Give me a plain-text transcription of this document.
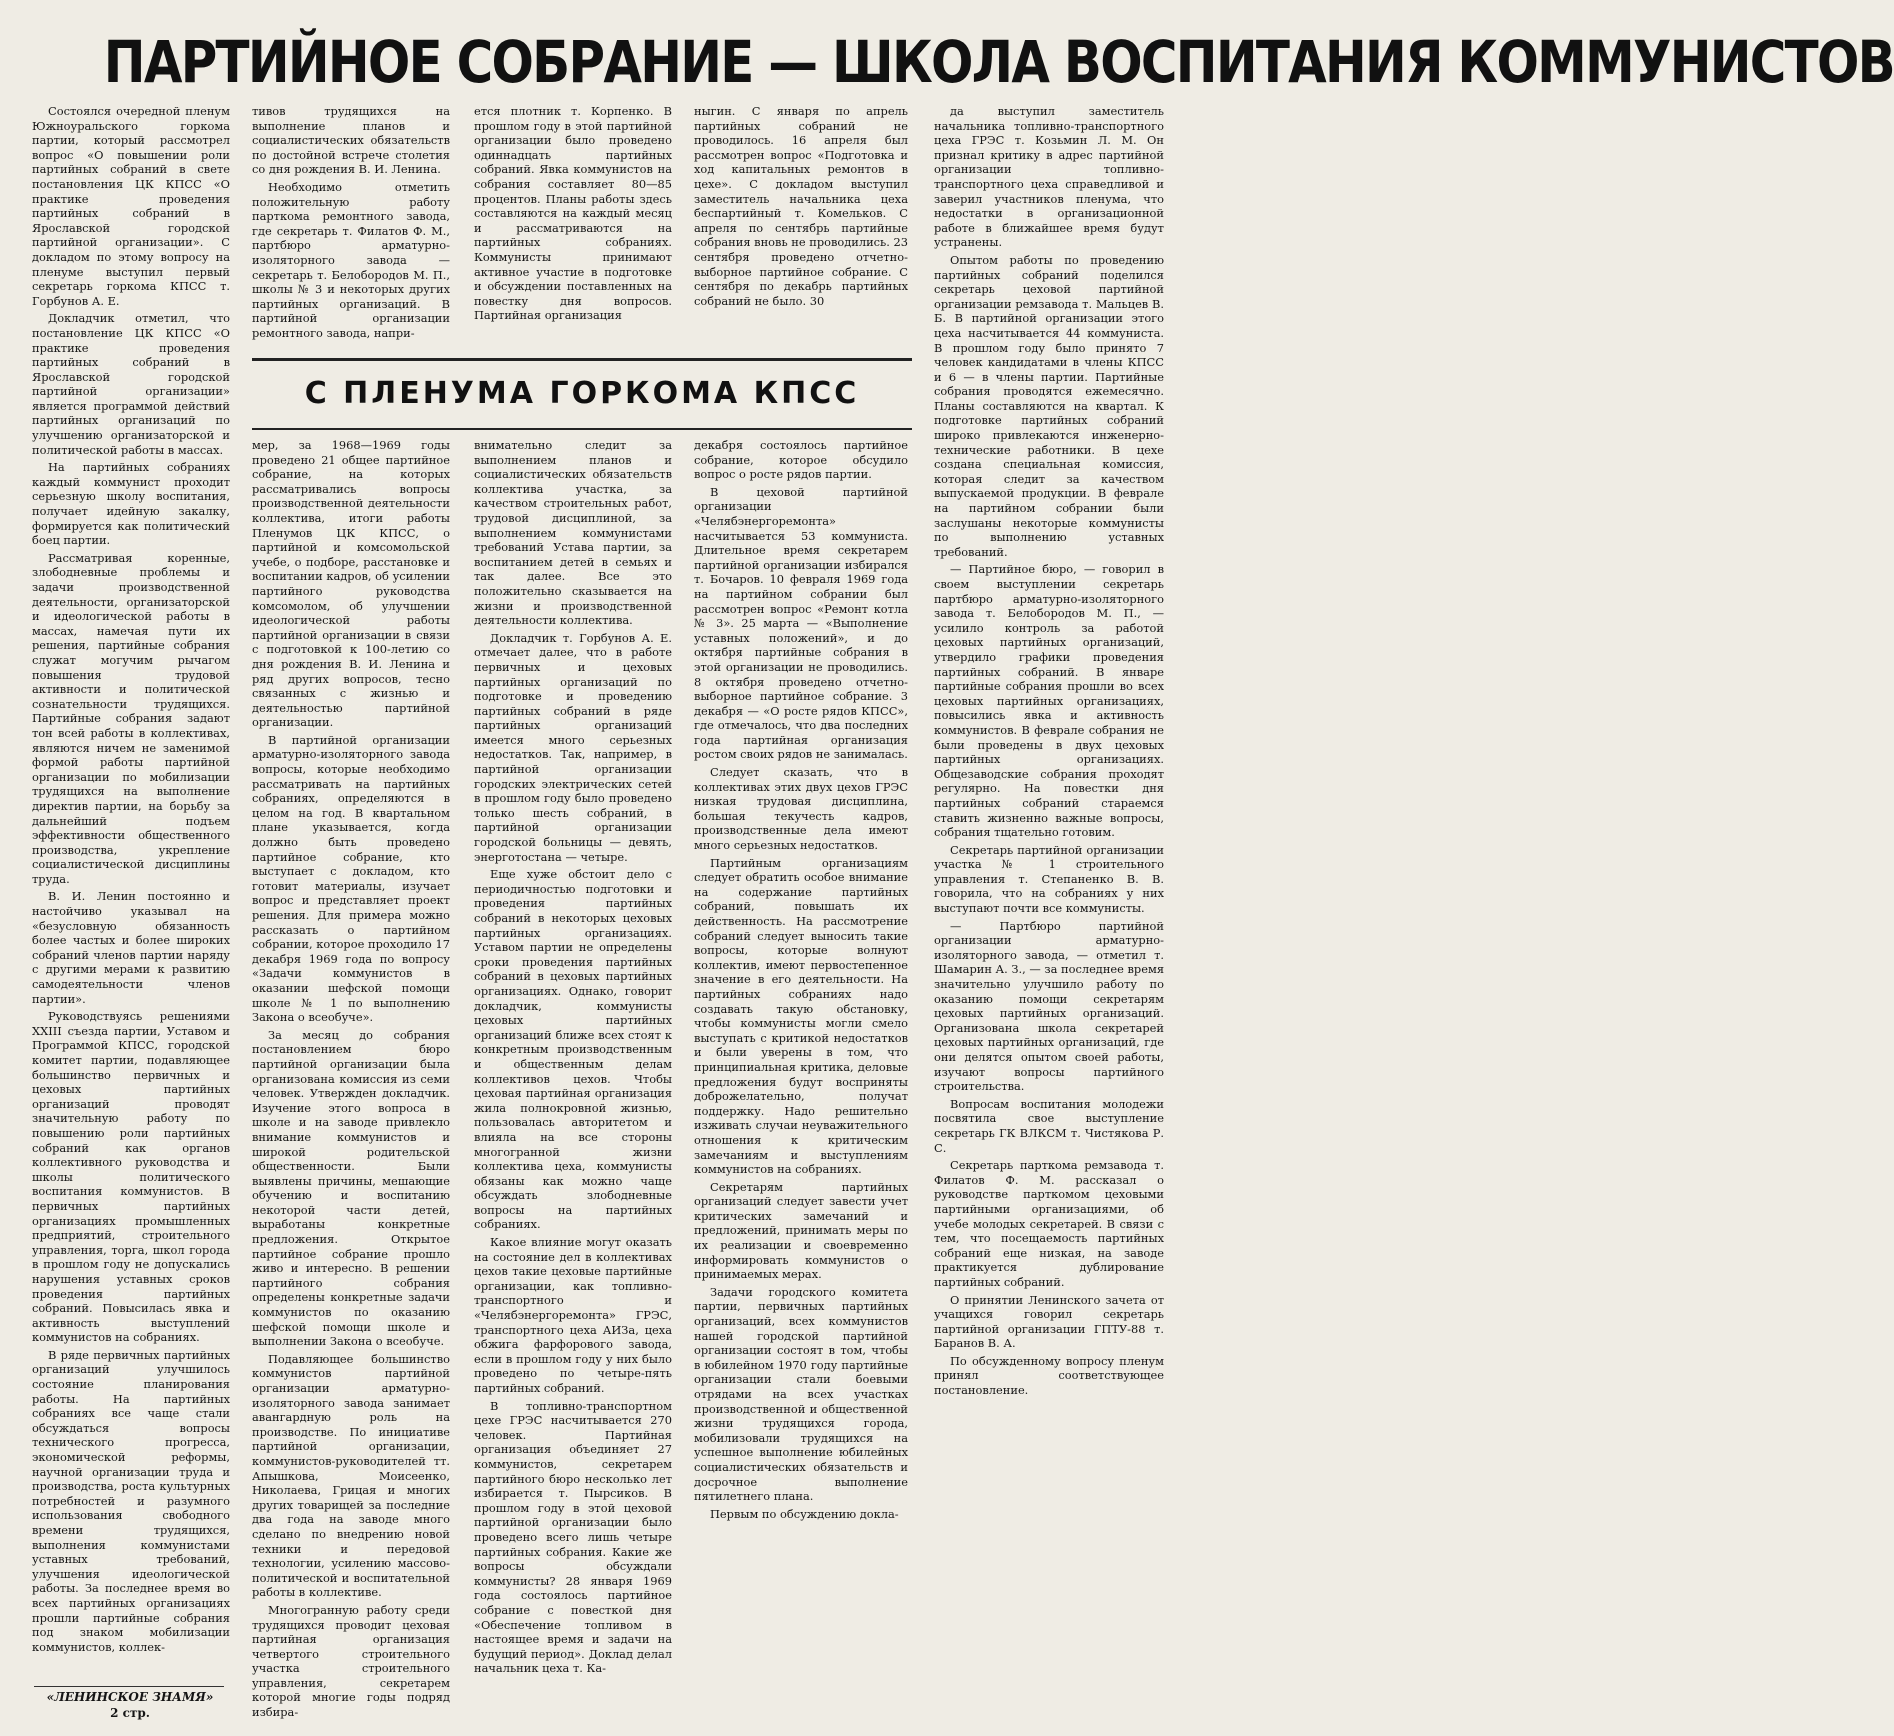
ПАРТИЙНОЕ СОБРАНИЕ — ШКОЛА ВОСПИТАНИЯ КОММУНИСТОВ

Состоялся очередной пленум Южноуральского горкома партии, который рассмотрел вопрос «О повышении роли партийных собраний в свете постановления ЦК КПСС «О практике проведения партийных собраний в Ярославской городской партийной организации». С докладом по этому вопросу на пленуме выступил первый секретарь горкома КПСС т. Горбунов А. Е.

Докладчик отметил, что постановление ЦК КПСС «О практике проведения партийных собраний в Ярославской городской партийной организации» является программой действий партийных организаций по улучшению организаторской и политической работы в массах.

На партийных собраниях каждый коммунист проходит серьезную школу воспитания, получает идейную закалку, формируется как политический боец партии.

Рассматривая коренные, злободневные проблемы и задачи производственной деятельности, организаторской и идеологической работы в массах, намечая пути их решения, партийные собрания служат могучим рычагом повышения трудовой активности и политической сознательности трудящихся. Партийные собрания задают тон всей работы в коллективах, являются ничем не заменимой формой работы партийной организации по мобилизации трудящихся на выполнение директив партии, на борьбу за дальнейший подъем эффективности общественного производства, укрепление социалистической дисциплины труда.

В. И. Ленин постоянно и настойчиво указывал на «безусловную обязанность более частых и более широких собраний членов партии наряду с другими мерами к развитию самодеятельности членов партии».

Руководствуясь решениями XXIII съезда партии, Уставом и Программой КПСС, городской комитет партии, подавляющее большинство первичных и цеховых партийных организаций проводят значительную работу по повышению роли партийных собраний как органов коллективного руководства и школы политического воспитания коммунистов. В первичных партийных организациях промышленных предприятий, строительного управления, торга, школ города в прошлом году не допускались нарушения уставных сроков проведения партийных собраний. Повысилась явка и активность выступлений коммунистов на собраниях.

В ряде первичных партийных организаций улучшилось состояние планирования работы. На партийных собраниях все чаще стали обсуждаться вопросы технического прогресса, экономической реформы, научной организации труда и производства, роста культурных потребностей и разумного использования свободного времени трудящихся, выполнения коммунистами уставных требований, улучшения идеологической работы. За последнее время во всех партийных организациях прошли партийные собрания под знаком мобилизации коммунистов, коллек-

тивов трудящихся на выполнение планов и социалистических обязательств по достойной встрече столетия со дня рождения В. И. Ленина.

Необходимо отметить положительную работу парткома ремонтного завода, где секретарь т. Филатов Ф. М., партбюро арматурно-изоляторного завода — секретарь т. Белобородов М. П., школы № 3 и некоторых других партийных организаций. В партийной организации ремонтного завода, напри-

ется плотник т. Корпенко. В прошлом году в этой партийной организации было проведено одиннадцать партийных собраний. Явка коммунистов на собрания составляет 80—85 процентов. Планы работы здесь составляются на каждый месяц и рассматриваются на партийных собраниях. Коммунисты принимают активное участие в подготовке и обсуждении поставленных на повестку дня вопросов. Партийная организация

ныгин. С января по апрель партийных собраний не проводилось. 16 апреля был рассмотрен вопрос «Подготовка и ход капитальных ремонтов в цехе». С докладом выступил заместитель начальника цеха беспартийный т. Комельков. С апреля по сентябрь партийные собрания вновь не проводились. 23 сентября проведено отчетно-выборное партийное собрание. С сентября по декабрь партийных собраний не было. 30

С ПЛЕНУМА ГОРКОМА КПСС

мер, за 1968—1969 годы проведено 21 общее партийное собрание, на которых рассматривались вопросы производственной деятельности коллектива, итоги работы Пленумов ЦК КПСС, о партийной и комсомольской учебе, о подборе, расстановке и воспитании кадров, об усилении партийного руководства комсомолом, об улучшении идеологической работы партийной организации в связи с подготовкой к 100-летию со дня рождения В. И. Ленина и ряд других вопросов, тесно связанных с жизнью и деятельностью партийной организации.

В партийной организации арматурно-изоляторного завода вопросы, которые необходимо рассматривать на партийных собраниях, определяются в целом на год. В квартальном плане указывается, когда должно быть проведено партийное собрание, кто выступает с докладом, кто готовит материалы, изучает вопрос и представляет проект решения. Для примера можно рассказать о партийном собрании, которое проходило 17 декабря 1969 года по вопросу «Задачи коммунистов в оказании шефской помощи школе № 1 по выполнению Закона о всеобуче».

За месяц до собрания постановлением бюро партийной организации была организована комиссия из семи человек. Утвержден докладчик. Изучение этого вопроса в школе и на заводе привлекло внимание коммунистов и широкой родительской общественности. Были выявлены причины, мешающие обучению и воспитанию некоторой части детей, выработаны конкретные предложения. Открытое партийное собрание прошло живо и интересно. В решении партийного собрания определены конкретные задачи коммунистов по оказанию шефской помощи школе и выполнении Закона о всеобуче.

Подавляющее большинство коммунистов партийной организации арматурно-изоляторного завода занимает авангардную роль на производстве. По инициативе партийной организации, коммунистов-руководителей тт. Апышкова, Моисеенко, Николаева, Грицая и многих других товарищей за последние два года на заводе много сделано по внедрению новой техники и передовой технологии, усилению массово-политической и воспитательной работы в коллективе.

Многогранную работу среди трудящихся проводит цеховая партийная организация четвертого строительного участка строительного управления, секретарем которой многие годы подряд избира-

внимательно следит за выполнением планов и социалистических обязательств коллектива участка, за качеством строительных работ, трудовой дисциплиной, за выполнением коммунистами требований Устава партии, за воспитанием детей в семьях и так далее. Все это положительно сказывается на жизни и производственной деятельности коллектива.

Докладчик т. Горбунов А. Е. отмечает далее, что в работе первичных и цеховых партийных организаций по подготовке и проведению партийных собраний в ряде партийных организаций имеется много серьезных недостатков. Так, например, в партийной организации городских электрических сетей в прошлом году было проведено только шесть собраний, в партийной организации городской больницы — девять, энерготостана — четыре.

Еще хуже обстоит дело с периодичностью подготовки и проведения партийных собраний в некоторых цеховых партийных организациях. Уставом партии не определены сроки проведения партийных собраний в цеховых партийных организациях. Однако, говорит докладчик, коммунисты цеховых партийных организаций ближе всех стоят к конкретным производственным и общественным делам коллективов цехов. Чтобы цеховая партийная организация жила полнокровной жизнью, пользовалась авторитетом и влияла на все стороны многогранной жизни коллектива цеха, коммунисты обязаны как можно чаще обсуждать злободневные вопросы на партийных собраниях.

Какое влияние могут оказать на состояние дел в коллективах цехов такие цеховые партийные организации, как топливно-транспортного и «Челябэнергоремонта» ГРЭС, транспортного цеха АИЗа, цеха обжига фарфорового завода, если в прошлом году у них было проведено по четыре-пять партийных собраний.

В топливно-транспортном цехе ГРЭС насчитывается 270 человек. Партийная организация объединяет 27 коммунистов, секретарем партийного бюро несколько лет избирается т. Пырсиков. В прошлом году в этой цеховой партийной организации было проведено всего лишь четыре партийных собрания. Какие же вопросы обсуждали коммунисты? 28 января 1969 года состоялось партийное собрание с повесткой дня «Обеспечение топливом в настоящее время и задачи на будущий период». Доклад делал начальник цеха т. Ка-

декабря состоялось партийное собрание, которое обсудило вопрос о росте рядов партии.

В цеховой партийной организации «Челябэнергоремонта» насчитывается 53 коммуниста. Длительное время секретарем партийной организации избирался т. Бочаров. 10 февраля 1969 года на партийном собрании был рассмотрен вопрос «Ремонт котла № 3». 25 марта — «Выполнение уставных положений», и до октября партийные собрания в этой организации не проводились. 8 октября проведено отчетно-выборное партийное собрание. 3 декабря — «О росте рядов КПСС», где отмечалось, что два последних года партийная организация ростом своих рядов не занималась.

Следует сказать, что в коллективах этих двух цехов ГРЭС низкая трудовая дисциплина, большая текучесть кадров, производственные дела имеют много серьезных недостатков.

Партийным организациям следует обратить особое внимание на содержание партийных собраний, повышать их действенность. На рассмотрение собраний следует выносить такие вопросы, которые волнуют коллектив, имеют первостепенное значение в его деятельности. На партийных собраниях надо создавать такую обстановку, чтобы коммунисты могли смело выступать с критикой недостатков и были уверены в том, что принципиальная критика, деловые предложения будут восприняты доброжелательно, получат поддержку. Надо решительно изживать случаи неуважительного отношения к критическим замечаниям и выступлениям коммунистов на собраниях.

Секретарям партийных организаций следует завести учет критических замечаний и предложений, принимать меры по их реализации и своевременно информировать коммунистов о принимаемых мерах.

Задачи городского комитета партии, первичных партийных организаций, всех коммунистов нашей городской партийной организации состоят в том, чтобы в юбилейном 1970 году партийные организации стали боевыми отрядами на всех участках производственной и общественной жизни трудящихся города, мобилизовали трудящихся на успешное выполнение юбилейных социалистических обязательств и досрочное выполнение пятилетнего плана.

Первым по обсуждению докла-

да выступил заместитель начальника топливно-транспортного цеха ГРЭС т. Козьмин Л. М. Он признал критику в адрес партийной организации топливно-транспортного цеха справедливой и заверил участников пленума, что недостатки в организационной работе в ближайшее время будут устранены.

Опытом работы по проведению партийных собраний поделился секретарь цеховой партийной организации ремзавода т. Мальцев В. Б. В партийной организации этого цеха насчитывается 44 коммуниста. В прошлом году было принято 7 человек кандидатами в члены КПСС и 6 — в члены партии. Партийные собрания проводятся ежемесячно. Планы составляются на квартал. К подготовке партийных собраний широко привлекаются инженерно-технические работники. В цехе создана специальная комиссия, которая следит за качеством выпускаемой продукции. В феврале на партийном собрании были заслушаны некоторые коммунисты по выполнению уставных требований.

— Партийное бюро, — говорил в своем выступлении секретарь партбюро арматурно-изоляторного завода т. Белобородов М. П., — усилило контроль за работой цеховых партийных организаций, утвердило графики проведения партийных собраний. В январе партийные собрания прошли во всех цеховых партийных организациях, повысились явка и активность коммунистов. В феврале собрания не были проведены в двух цеховых партийных организациях. Общезаводские собрания проходят регулярно. На повестки дня партийных собраний стараемся ставить жизненно важные вопросы, собрания тщательно готовим.

Секретарь партийной организации участка № 1 строительного управления т. Степаненко В. В. говорила, что на собраниях у них выступают почти все коммунисты.

— Партбюро партийной организации арматурно-изоляторного завода, — отметил т. Шамарин А. З., — за последнее время значительно улучшило работу по оказанию помощи секретарям цеховых партийных организаций. Организована школа секретарей цеховых партийных организаций, где они делятся опытом своей работы, изучают вопросы партийного строительства.

Вопросам воспитания молодежи посвятила свое выступление секретарь ГК ВЛКСМ т. Чистякова Р. С.

Секретарь парткома ремзавода т. Филатов Ф. М. рассказал о руководстве парткомом цеховыми партийными организациями, об учебе молодых секретарей. В связи с тем, что посещаемость партийных собраний еще низкая, на заводе практикуется дублирование партийных собраний.

О принятии Ленинского зачета от учащихся говорил секретарь партийной организации ГПТУ-88 т. Баранов В. А.

По обсужденному вопросу пленум принял соответствующее постановление.

«ЛЕНИНСКОЕ ЗНАМЯ»
2 стр.
